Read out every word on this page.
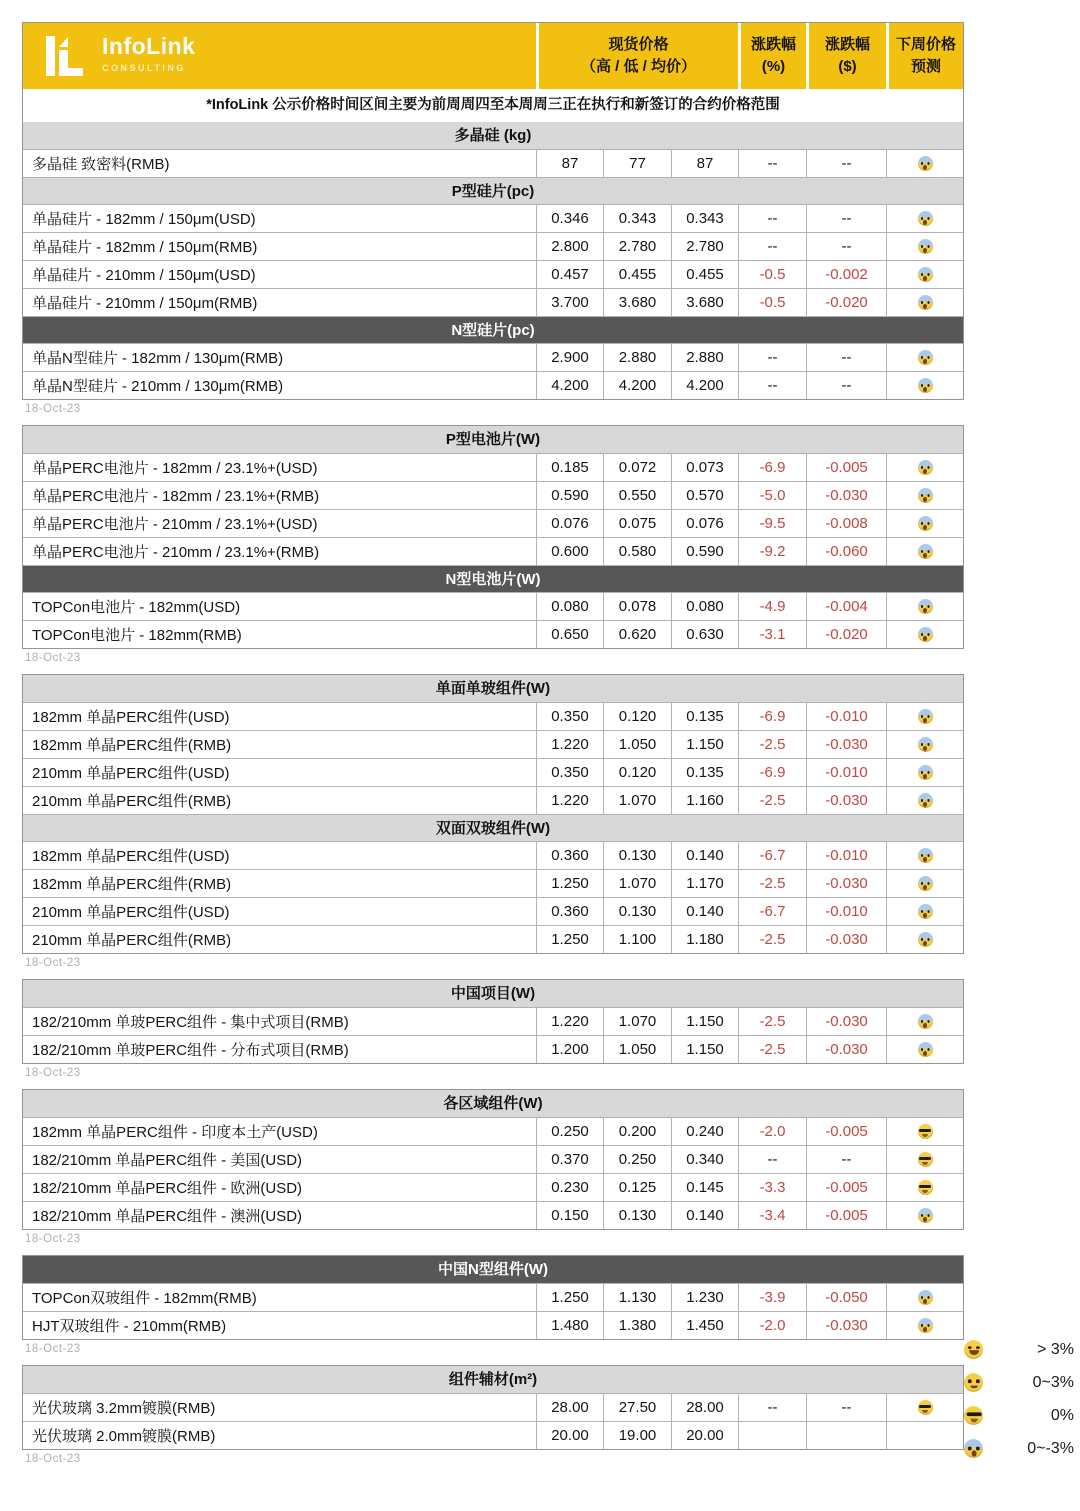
InfoLink
CONSULTING
现货价格
（高 / 低 / 均价）
涨跌幅
(%)
涨跌幅
($)
下周价格
预测
*InfoLink 公示价格时间区间主要为前周周四至本周周三正在执行和新签订的合约价格范围
多晶硅 (kg)
多晶硅 致密料(RMB)	87	77	87	--	--
P型硅片(pc)
单晶硅片 - 182mm / 150μm(USD)	0.346	0.343	0.343	--	--
单晶硅片 - 182mm / 150μm(RMB)	2.800	2.780	2.780	--	--
单晶硅片 - 210mm / 150μm(USD)	0.457	0.455	0.455	-0.5	-0.002
单晶硅片 - 210mm / 150μm(RMB)	3.700	3.680	3.680	-0.5	-0.020
N型硅片(pc)
单晶N型硅片 - 182mm / 130μm(RMB)	2.900	2.880	2.880	--	--
单晶N型硅片 - 210mm / 130μm(RMB)	4.200	4.200	4.200	--	--
18-Oct-23
P型电池片(W)
单晶PERC电池片 - 182mm / 23.1%+(USD)	0.185	0.072	0.073	-6.9	-0.005
单晶PERC电池片 - 182mm / 23.1%+(RMB)	0.590	0.550	0.570	-5.0	-0.030
单晶PERC电池片 - 210mm / 23.1%+(USD)	0.076	0.075	0.076	-9.5	-0.008
单晶PERC电池片 - 210mm / 23.1%+(RMB)	0.600	0.580	0.590	-9.2	-0.060
N型电池片(W)
TOPCon电池片 - 182mm(USD)	0.080	0.078	0.080	-4.9	-0.004
TOPCon电池片 - 182mm(RMB)	0.650	0.620	0.630	-3.1	-0.020
18-Oct-23
单面单玻组件(W)
182mm 单晶PERC组件(USD)	0.350	0.120	0.135	-6.9	-0.010
182mm 单晶PERC组件(RMB)	1.220	1.050	1.150	-2.5	-0.030
210mm 单晶PERC组件(USD)	0.350	0.120	0.135	-6.9	-0.010
210mm 单晶PERC组件(RMB)	1.220	1.070	1.160	-2.5	-0.030
双面双玻组件(W)
182mm 单晶PERC组件(USD)	0.360	0.130	0.140	-6.7	-0.010
182mm 单晶PERC组件(RMB)	1.250	1.070	1.170	-2.5	-0.030
210mm 单晶PERC组件(USD)	0.360	0.130	0.140	-6.7	-0.010
210mm 单晶PERC组件(RMB)	1.250	1.100	1.180	-2.5	-0.030
18-Oct-23
中国项目(W)
182/210mm 单玻PERC组件 - 集中式项目(RMB)	1.220	1.070	1.150	-2.5	-0.030
182/210mm 单玻PERC组件 - 分布式项目(RMB)	1.200	1.050	1.150	-2.5	-0.030
18-Oct-23
各区域组件(W)
182mm 单晶PERC组件 - 印度本土产(USD)	0.250	0.200	0.240	-2.0	-0.005
182/210mm 单晶PERC组件 - 美国(USD)	0.370	0.250	0.340	--	--
182/210mm 单晶PERC组件 - 欧洲(USD)	0.230	0.125	0.145	-3.3	-0.005
182/210mm 单晶PERC组件 - 澳洲(USD)	0.150	0.130	0.140	-3.4	-0.005
18-Oct-23
中国N型组件(W)
TOPCon双玻组件 - 182mm(RMB)	1.250	1.130	1.230	-3.9	-0.050
HJT双玻组件 - 210mm(RMB)	1.480	1.380	1.450	-2.0	-0.030
18-Oct-23
组件辅材(m²)
光伏玻璃 3.2mm镀膜(RMB)	28.00	27.50	28.00	--	--
光伏玻璃 2.0mm镀膜(RMB)	20.00	19.00	20.00
18-Oct-23
> 3%
0~3%
0%
0~-3%
